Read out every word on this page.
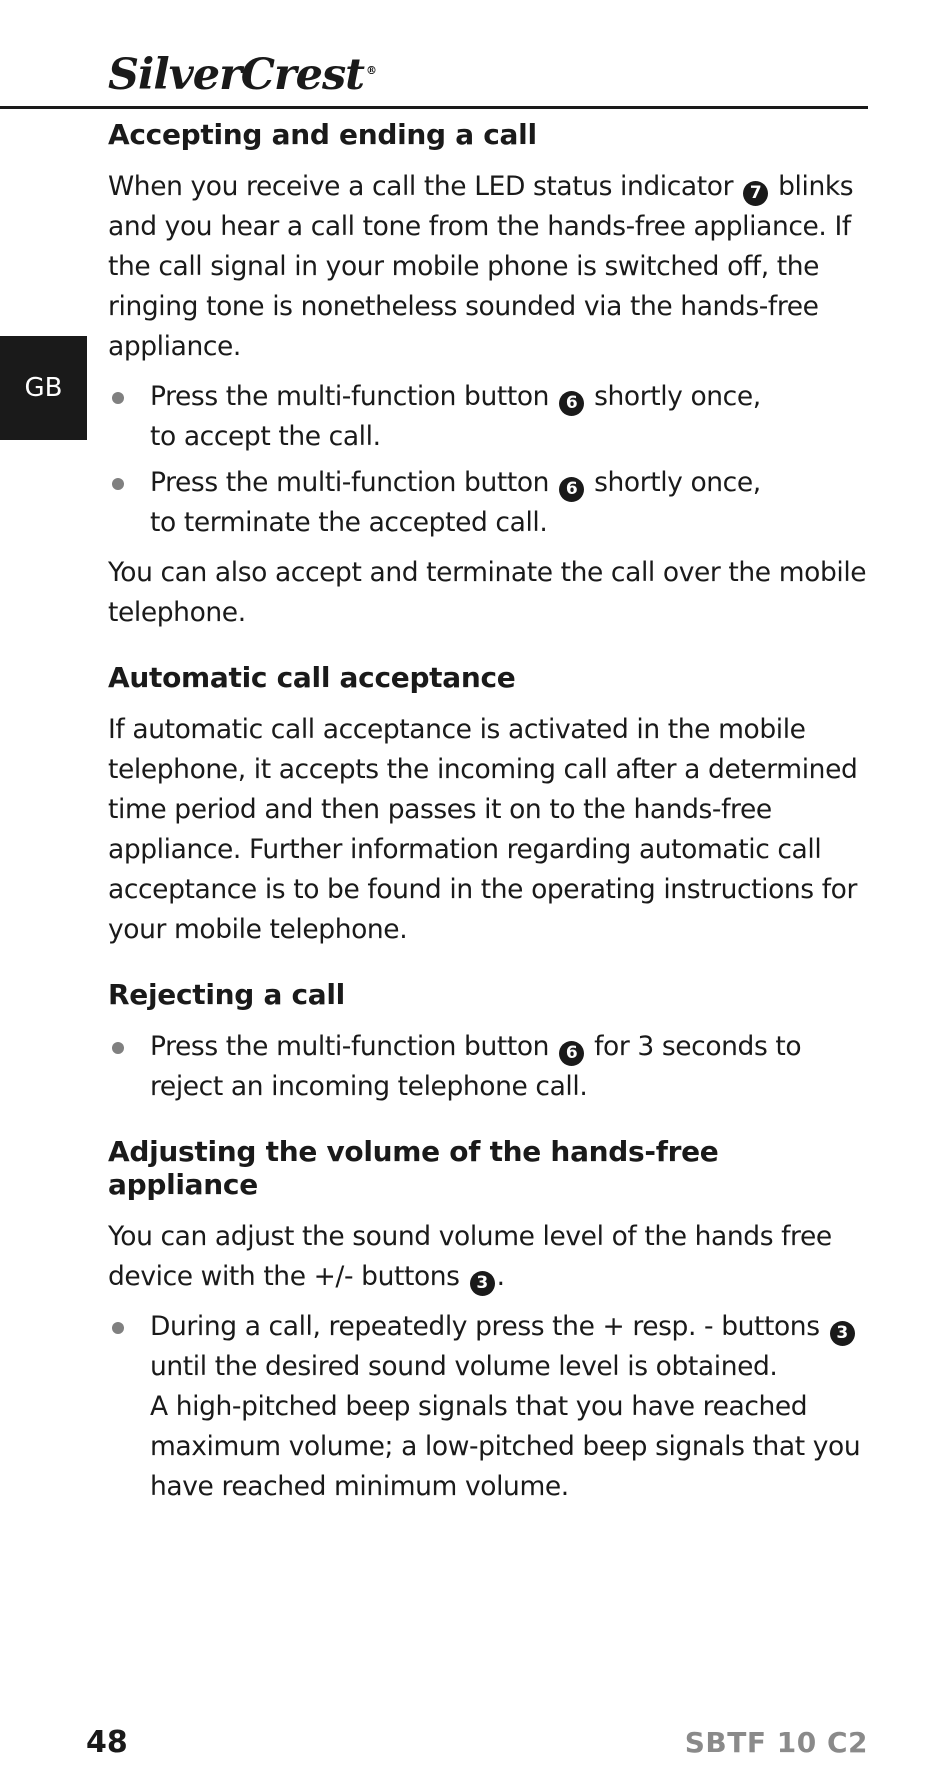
SilverCrest ®
GB
Accepting and ending a call

When you receive a call the LED status indicator 7 blinks and you hear a call tone from the hands-free appliance. If the call signal in your mobile phone is switched off, the ringing tone is nonetheless sounded via the hands-free appliance.

Press the multi-function button 6 shortly once,
to accept the call.
Press the multi-function button 6 shortly once,
to terminate the accepted call.

You can also accept and terminate the call over the mobile telephone.

Automatic call acceptance

If automatic call acceptance is activated in the mobile telephone, it accepts the incoming call after a determined time period and then passes it on to the hands-free appliance. Further information regarding automatic call acceptance is to be found in the operating instructions for your mobile telephone.

Rejecting a call
Press the multi-function button 6 for 3 seconds to reject an incoming telephone call.
Adjusting the volume of the hands-free appliance

You can adjust the sound volume level of the hands free device with the +/- buttons 3 .

During a call, repeatedly press the + resp. - buttons 3 until the desired sound volume level is obtained.
A high-pitched beep signals that you have reached maximum volume; a low-pitched beep signals that you have reached minimum volume.
48	SBTF 10 C2
